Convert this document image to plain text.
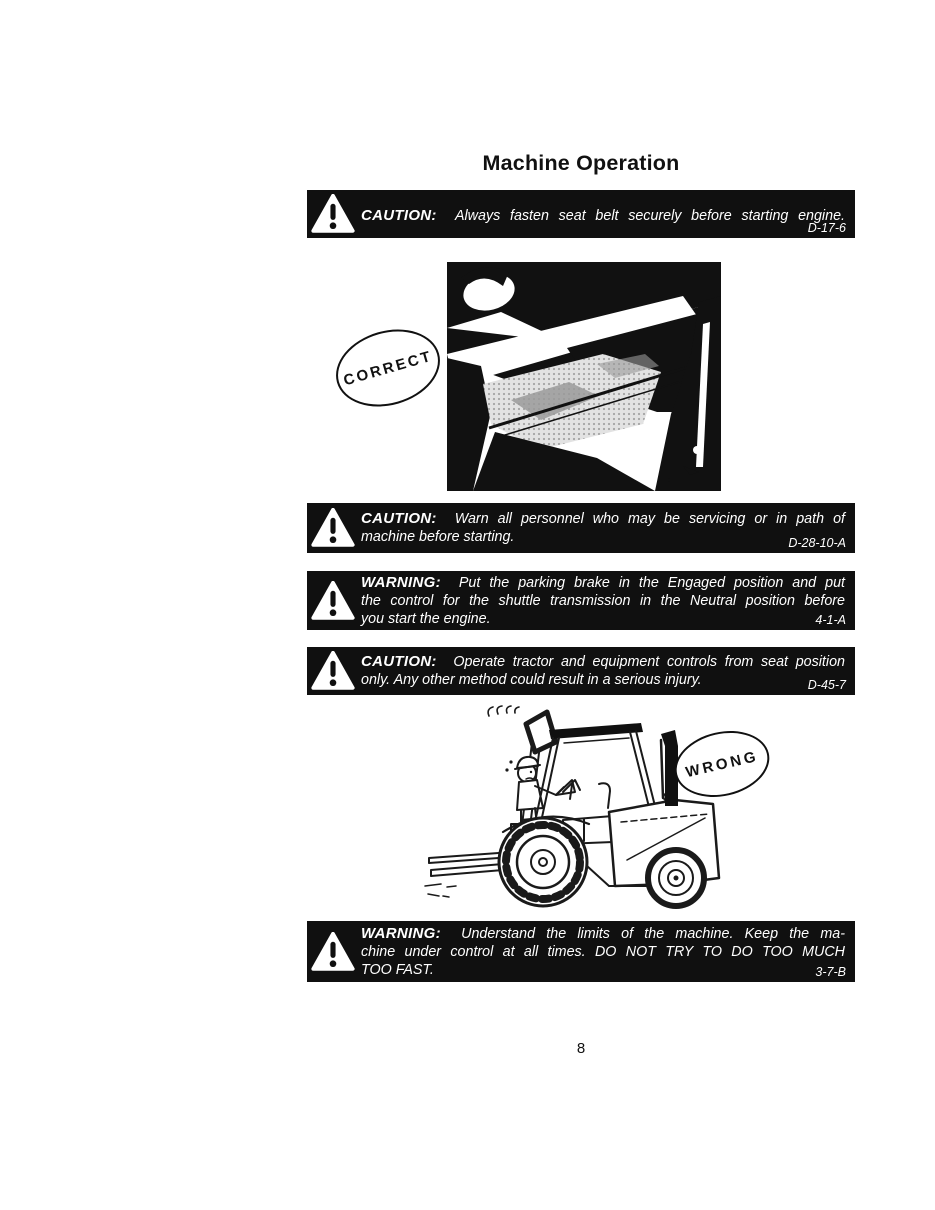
Machine Operation
CAUTION: Always fasten seat belt securely before starting engine.
D-17-6
CORRECT
CAUTION: Warn all personnel who may be servicing or in path of
machine before starting.	D-28-10-A
WARNING: Put the parking brake in the Engaged position and put
the control for the shuttle transmission in the Neutral position before
you start the engine.	4-1-A
CAUTION: Operate tractor and equipment controls from seat position
only. Any other method could result in a serious injury.	D-45-7
WRONG
WARNING: Understand the limits of the machine. Keep the ma-
chine under control at all times. DO NOT TRY TO DO TOO MUCH
TOO FAST.	3-7-B
8
